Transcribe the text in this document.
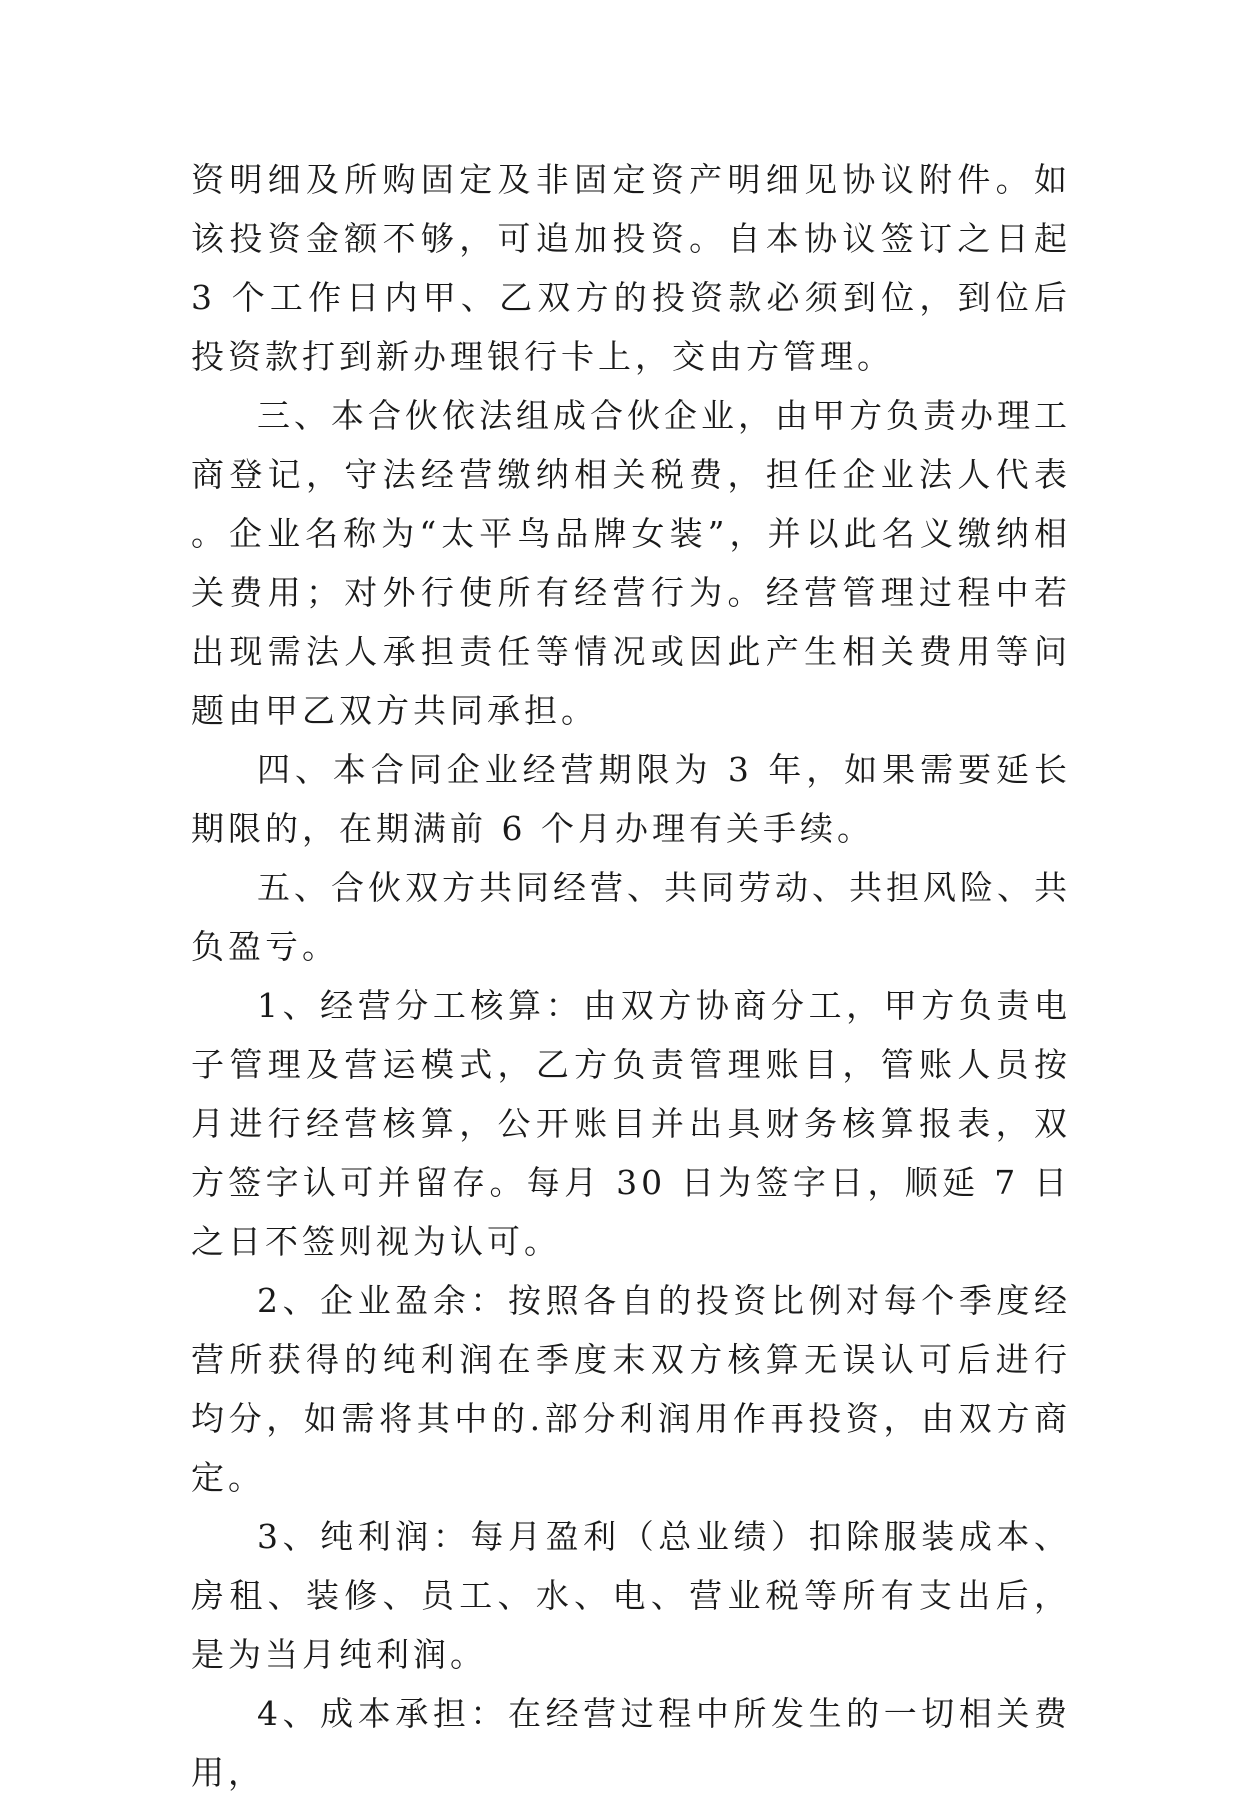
资明细及所购固定及非固定资产明细见协议附件。如该投资金额不够，可追加投资。自本协议签订之日起 3 个工作日内甲、乙双方的投资款必须到位，到位后投资款打到新办理银行卡上，交由方管理。

三、本合伙依法组成合伙企业，由甲方负责办理工商登记，守法经营缴纳相关税费，担任企业法人代表。企业名称为“太平鸟品牌女装”，并以此名义缴纳相关费用；对外行使所有经营行为。经营管理过程中若出现需法人承担责任等情况或因此产生相关费用等问题由甲乙双方共同承担。

四、本合同企业经营期限为 3 年，如果需要延长期限的，在期满前 6 个月办理有关手续。

五、合伙双方共同经营、共同劳动、共担风险、共负盈亏。

1、经营分工核算：由双方协商分工，甲方负责电子管理及营运模式，乙方负责管理账目，管账人员按月进行经营核算，公开账目并出具财务核算报表，双方签字认可并留存。每月 30 日为签字日，顺延 7 日之日不签则视为认可。

2、企业盈余：按照各自的投资比例对每个季度经营所获得的纯利润在季度末双方核算无误认可后进行均分，如需将其中的.部分利润用作再投资，由双方商定。

3、纯利润：每月盈利（总业绩）扣除服装成本、房租、装修、员工、水、电、营业税等所有支出后，是为当月纯利润。

4、成本承担：在经营过程中所发生的一切相关费用，
